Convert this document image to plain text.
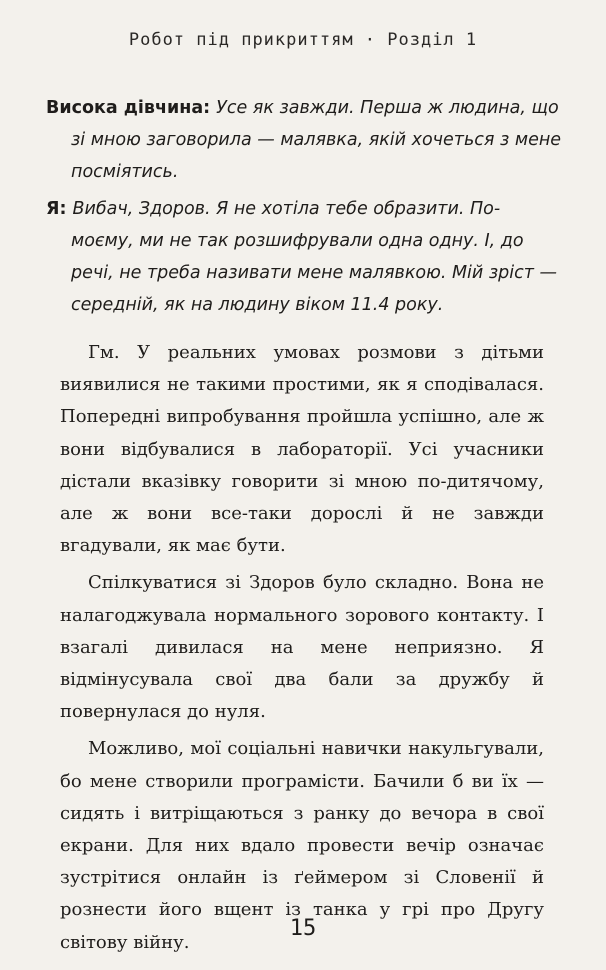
Робот під прикриттям · Розділ 1

Висока дівчина: Усе як завжди. Перша ж людина, що зі мною заговорила — малявка, якій хочеться з мене посміятись.

Я: Вибач, Здоров. Я не хотіла тебе образити. По-моєму, ми не так розшифрували одна одну. І, до речі, не треба називати мене малявкою. Мій зріст — середній, як на людину віком 11.4 року.

Гм. У реальних умовах розмови з дітьми виявилися не такими простими, як я сподівалася. Попередні випробування пройшла успішно, але ж вони відбувалися в лабораторії. Усі учасники дістали вказівку говорити зі мною по-дитячому, але ж вони все-таки дорослі й не завжди вгадували, як має бути.

Спілкуватися зі Здоров було складно. Вона не налагоджувала нормального зорового контакту. І взагалі дивилася на мене неприязно. Я відмінусувала свої два бали за дружбу й повернулася до нуля.

Можливо, мої соціальні навички накульгували, бо мене створили програмісти. Бачили б ви їх — сидять і витріщаються з ранку до вечора в свої екрани. Для них вдало провести вечір означає зустрітися онлайн із ґеймером зі Словенії й рознести його вщент із танка у грі про Другу світову війну.

15
